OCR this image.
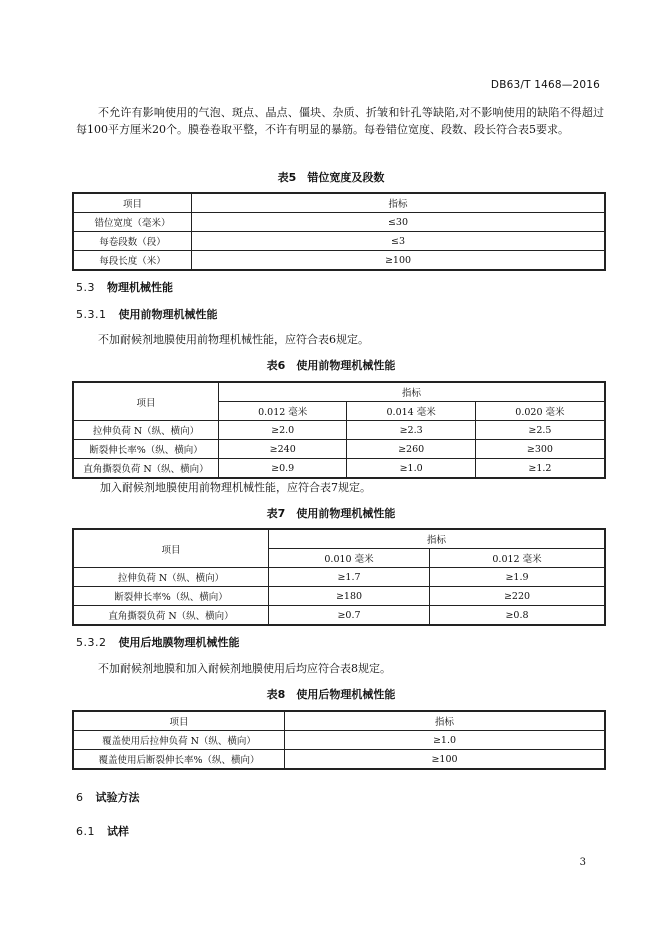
DB63/T 1468—2016
不允许有影响使用的气泡、斑点、晶点、僵块、杂质、折皱和针孔等缺陷,对不影响使用的缺陷不得超过每100平方厘米20个。膜卷卷取平整，不许有明显的暴筋。每卷错位宽度、段数、段长符合表5要求。
表5　错位宽度及段数
项目	指标
错位宽度（毫米）	≤30
每卷段数（段）	≤3
每段长度（米）	≥100
5.3 物理机械性能
5.3.1 使用前物理机械性能
不加耐候剂地膜使用前物理机械性能，应符合表6规定。
表6　使用前物理机械性能
项目	指标		
	0.012 毫米	0.014 毫米	0.020 毫米
拉伸负荷 N（纵、横向）	≥2.0	≥2.3	≥2.5
断裂伸长率%（纵、横向）	≥240	≥260	≥300
直角撕裂负荷 N（纵、横向）	≥0.9	≥1.0	≥1.2
加入耐候剂地膜使用前物理机械性能，应符合表7规定。
表7　使用前物理机械性能
项目	指标	
	0.010 毫米	0.012 毫米
拉伸负荷 N（纵、横向）	≥1.7	≥1.9
断裂伸长率%（纵、横向）	≥180	≥220
直角撕裂负荷 N（纵、横向）	≥0.7	≥0.8
5.3.2 使用后地膜物理机械性能
不加耐候剂地膜和加入耐候剂地膜使用后均应符合表8规定。
表8　使用后物理机械性能
项目	指标
覆盖使用后拉伸负荷 N（纵、横向）	≥1.0
覆盖使用后断裂伸长率%（纵、横向）	≥100
6 试验方法
6.1 试样
3
